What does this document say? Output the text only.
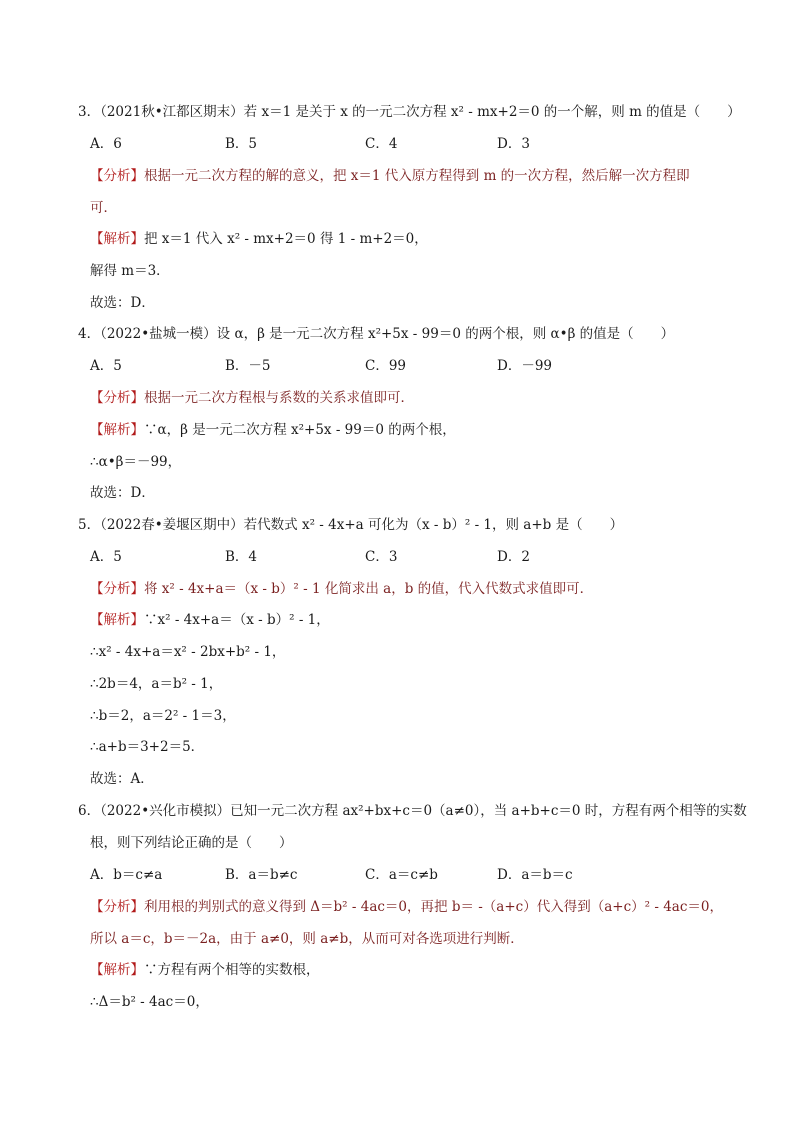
3．（2021秋•江都区期末）若 x＝1 是关于 x 的一元二次方程 x² - mx+2＝0 的一个解，则 m 的值是（　　）
A．6	B．5	C．4	D．3
【分析】根据一元二次方程的解的意义，把 x＝1 代入原方程得到 m 的一次方程，然后解一次方程即
可．
【解析】把 x＝1 代入 x² - mx+2＝0 得 1 - m+2＝0，
解得 m＝3．
故选：D．
4．（2022•盐城一模）设 α，β 是一元二次方程 x²+5x - 99＝0 的两个根，则 α•β 的值是（　　）
A．5	B．－5	C．99	D．－99
【分析】根据一元二次方程根与系数的关系求值即可．
【解析】∵α，β 是一元二次方程 x²+5x - 99＝0 的两个根，
∴α•β＝－99，
故选：D．
5．（2022春•姜堰区期中）若代数式 x² - 4x+a 可化为（x - b）² - 1，则 a+b 是（　　）
A．5	B．4	C．3	D．2
【分析】将 x² - 4x+a＝（x - b）² - 1 化简求出 a，b 的值，代入代数式求值即可．
【解析】∵x² - 4x+a＝（x - b）² - 1，
∴x² - 4x+a＝x² - 2bx+b² - 1，
∴2b＝4，a＝b² - 1，
∴b＝2，a＝2² - 1＝3，
∴a+b＝3+2＝5．
故选：A．
6．（2022•兴化市模拟）已知一元二次方程 ax²+bx+c＝0（a≠0），当 a+b+c＝0 时，方程有两个相等的实数
根，则下列结论正确的是（　　）
A．b＝c≠a	B．a＝b≠c	C．a＝c≠b	D．a＝b＝c
【分析】利用根的判别式的意义得到 Δ＝b² - 4ac＝0，再把 b＝ -（a+c）代入得到（a+c）² - 4ac＝0，
所以 a＝c，b＝－2a，由于 a≠0，则 a≠b，从而可对各选项进行判断．
【解析】∵方程有两个相等的实数根，
∴Δ＝b² - 4ac＝0，
